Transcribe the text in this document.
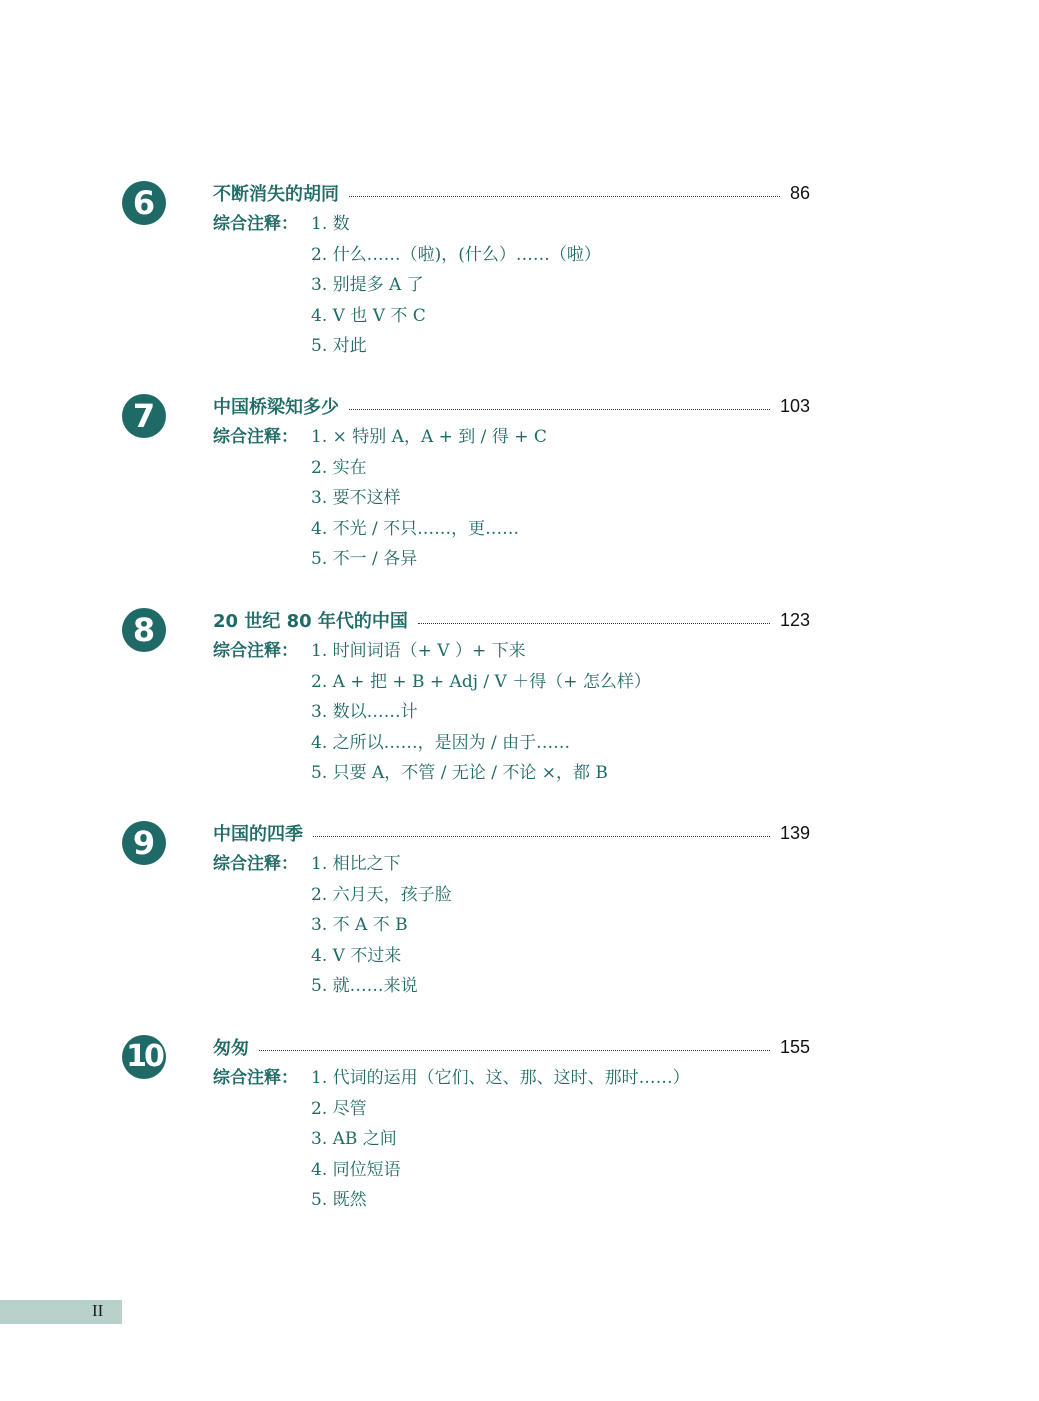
6	不断消失的胡同	86
综合注释： 1. 数
2. 什么……（啦)，(什么）……（啦）
3. 别提多 A 了
4. V 也 V 不 C
5. 对此
7	中国桥梁知多少	103
综合注释： 1. × 特别 A，A + 到 / 得 + C
2. 实在
3. 要不这样
4. 不光 / 不只……，更……
5. 不一 / 各异
8	20 世纪 80 年代的中国	123
综合注释： 1. 时间词语（+ V ）+ 下来
2. A + 把 + B + Adj / V ＋得（+ 怎么样）
3. 数以……计
4. 之所以……，是因为 / 由于……
5. 只要 A，不管 / 无论 / 不论 ×，都 B
9	中国的四季	139
综合注释： 1. 相比之下
2. 六月天，孩子脸
3. 不 A 不 B
4. V 不过来
5. 就……来说
10	匆匆	155
综合注释： 1. 代词的运用（它们、这、那、这时、那时……）
2. 尽管
3. AB 之间
4. 同位短语
5. 既然
II
